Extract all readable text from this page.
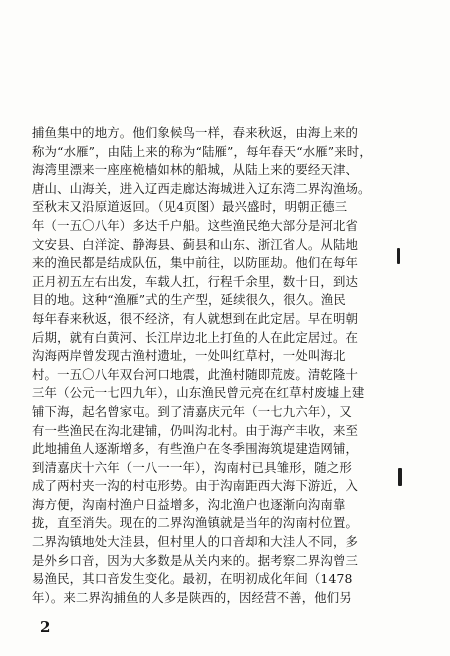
捕鱼集中的地方。他们象候鸟一样，春来秋返，由海上来的
称为“水雁”，由陆上来的称为“陆雁”，每年春天“水雁”来时，
海湾里漂来一座座桅樯如林的船城，从陆上来的要经天津、
唐山、山海关，进入辽西走廊达海城进入辽东湾二界沟渔场。
至秋末又沿原道返回。（见4页图）最兴盛时，明朝正德三
年（一五〇八年）多达千户船。这些渔民绝大部分是河北省
文安县、白洋淀、静海县、蓟县和山东、浙江省人。从陆地
来的渔民都是结成队伍，集中前往，以防匪劫。他们在每年
正月初五左右出发，车载人扛，行程千余里，数十日，到达
目的地。这种“渔雁”式的生产型，延续很久，很久。渔民
每年春来秋返，很不经济，有人就想到在此定居。早在明朝
后期，就有白黄河、长江岸边北上打鱼的人在此定居过。在
沟海两岸曾发现古渔村遗址，一处叫红草村，一处叫海北
村。一五〇八年双台河口地震，此渔村随即荒废。清乾隆十
三年（公元一七四九年），山东渔民曾元亮在红草村废墟上建
铺下海，起名曾家屯。到了清嘉庆元年（一七九六年），又
有一些渔民在沟北建铺，仍叫沟北村。由于海产丰收，来至
此地捕鱼人逐渐增多，有些渔户在冬季围海筑堤建造网铺，
到清嘉庆十六年（一八一一年），沟南村已具雏形，随之形
成了两村夹一沟的村屯形势。由于沟南距西大海下游近，入
海方便，沟南村渔户日益增多，沟北渔户也逐渐向沟南靠
拢，直至消失。现在的二界沟渔镇就是当年的沟南村位置。
二界沟镇地处大洼县，但村里人的口音却和大洼人不同，多
是外乡口音，因为大多数是从关内来的。据考察二界沟曾三
易渔民，其口音发生变化。最初，在明初成化年间（1478
年）。来二界沟捕鱼的人多是陕西的，因经营不善，他们另
2
